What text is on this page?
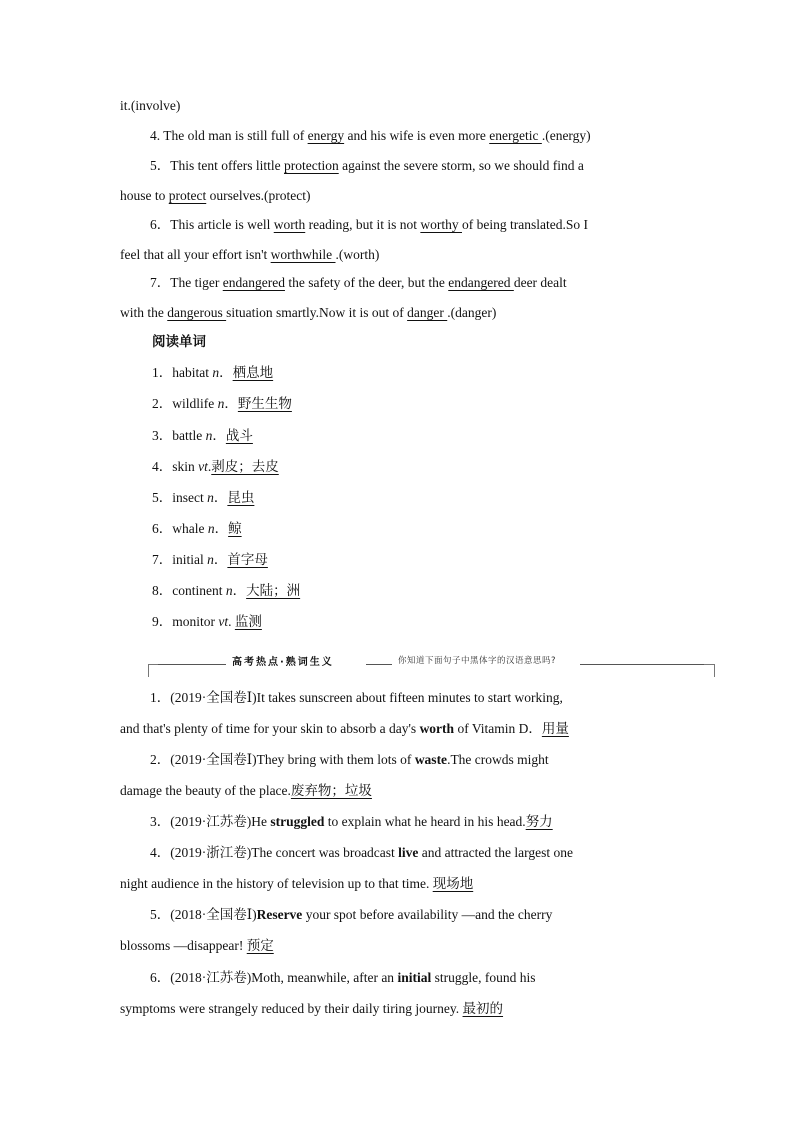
it.(involve)
4. The old man is still full of energy and his wife is even more energetic .(energy)
5．This tent offers little protection against the severe storm, so we should find a
house to protect ourselves.(protect)
6．This article is well worth reading, but it is not worthy of being translated.So I
feel that all your effort isn't worthwhile .(worth)
7．The tiger endangered the safety of the deer, but the endangered deer dealt
with the dangerous situation smartly.Now it is out of danger .(danger)
阅读单词
1．habitat n．栖息地
2．wildlife n．野生生物
3．battle n．战斗
4．skin vt.剥皮；去皮
5．insect n．昆虫
6．whale n．鲸
7．initial n．首字母
8．continent n．大陆；洲
9．monitor vt. 监测
高考热点·熟词生义	你知道下面句子中黑体字的汉语意思吗?
1．(2019·全国卷Ⅰ)It takes sunscreen about fifteen minutes to start working,
and that's plenty of time for your skin to absorb a day's worth of Vitamin D．用量
2．(2019·全国卷Ⅰ)They bring with them lots of waste.The crowds might
damage the beauty of the place.废弃物；垃圾
3．(2019·江苏卷)He struggled to explain what he heard in his head.努力
4．(2019·浙江卷)The concert was broadcast live and attracted the largest one
night audience in the history of television up to that time. 现场地
5．(2018·全国卷Ⅰ)Reserve your spot before availability —and the cherry
blossoms —disappear! 预定
6．(2018·江苏卷)Moth, meanwhile, after an initial struggle, found his
symptoms were strangely reduced by their daily tiring journey. 最初的
